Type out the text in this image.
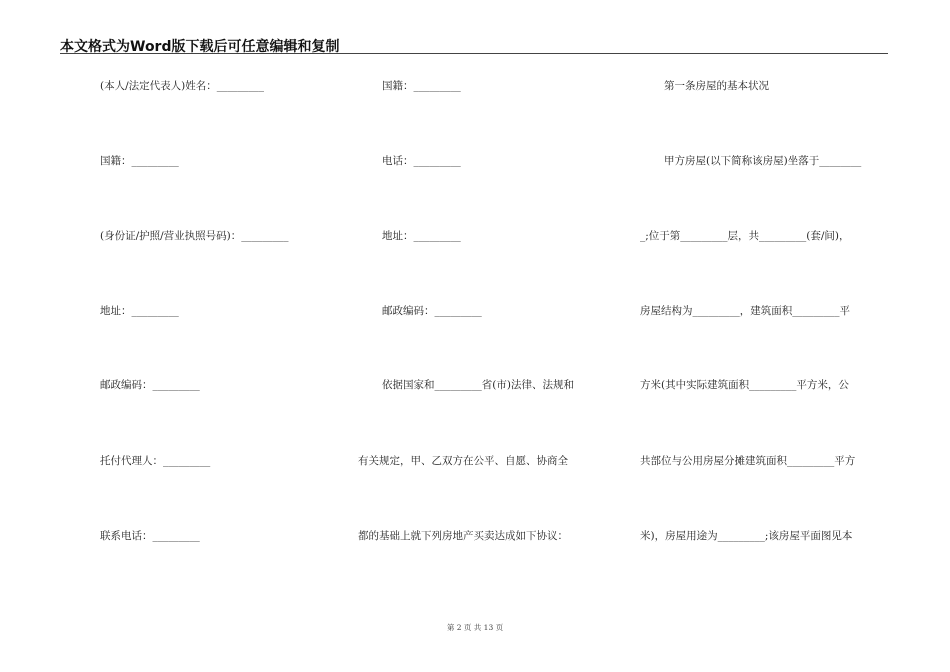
本文格式为Word版下载后可任意编辑和复制
(本人/法定代表人)姓名：_________
国籍：_________
(身份证/护照/营业执照号码)：_________
地址：_________
邮政编码：_________
托付代理人：_________
联系电话：_________
国籍：_________
电话：_________
地址：_________
邮政编码：_________
依据国家和_________省(市)法律、法规和
有关规定，甲、乙双方在公平、自愿、协商全
都的基础上就下列房地产买卖达成如下协议：
第一条房屋的基本状况
甲方房屋(以下简称该房屋)坐落于________
_;位于第_________层，共_________(套/间)，
房屋结构为_________，建筑面积_________平
方米(其中实际建筑面积_________平方米，公
共部位与公用房屋分摊建筑面积_________平方
米)，房屋用途为_________;该房屋平面图见本
第 2 页 共 13 页
